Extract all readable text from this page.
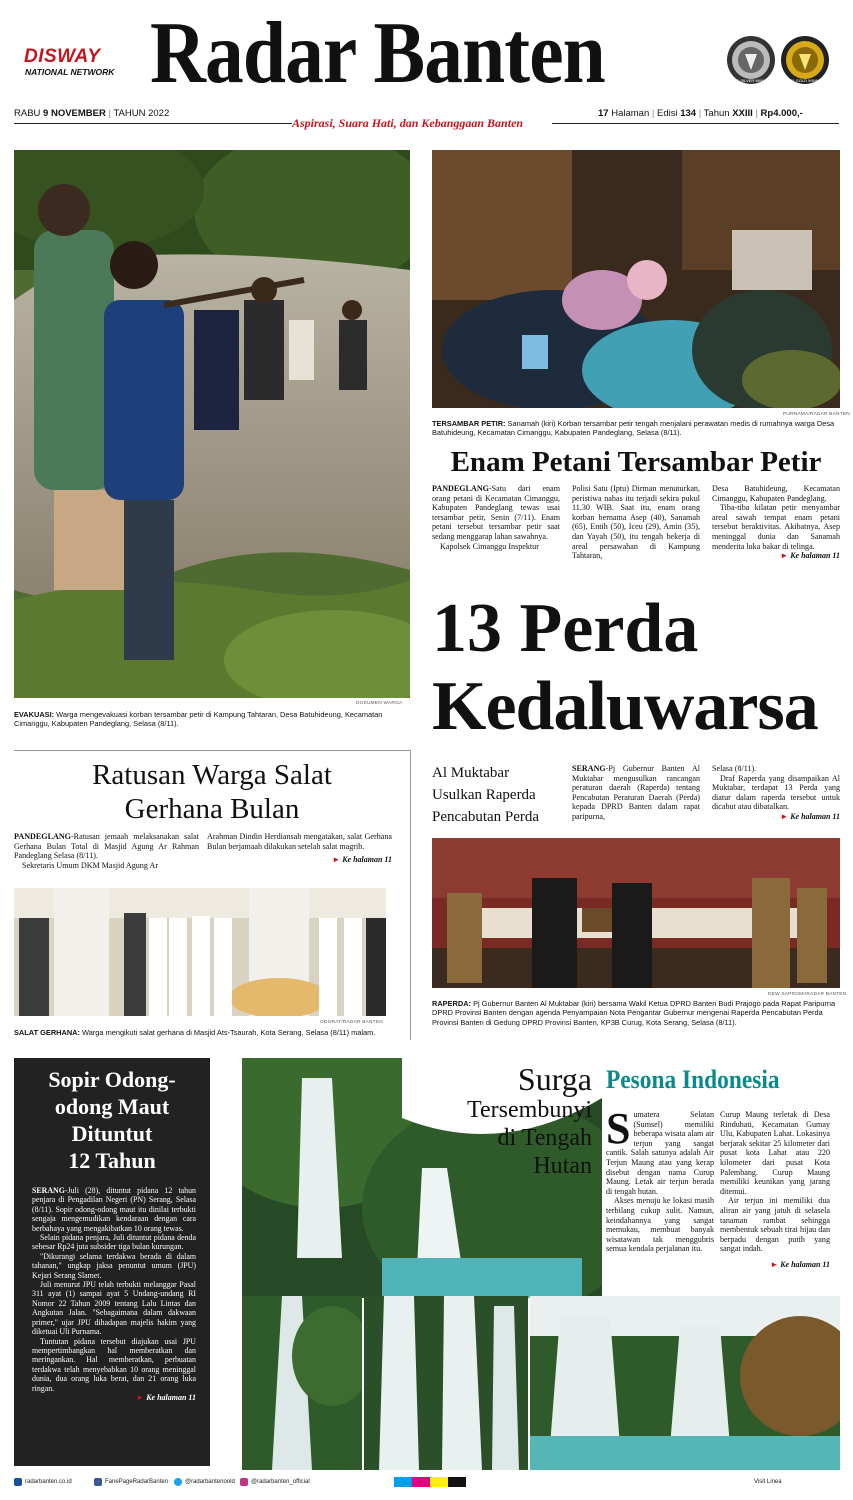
DISWAY
NATIONAL NETWORK Radar Banten	2021 SILVER WINNER	2021 GOLD WINNER
RABU 9 NOVEMBER | TAHUN 2022
Aspirasi, Suara Hati, dan Kebanggaan Banten
17 Halaman | Edisi 134 | Tahun XXIII | Rp4.000,-
DOKUMEN WARGA
EVAKUASI: Warga mengevakuasi korban tersambar petir di Kampung Tahtaran, Desa Batuhideung, Kecamatan Cimanggu, Kabupaten Pandeglang, Selasa (8/11).
PURNAMA/RADAR BANTEN
TERSAMBAR PETIR: Sanamah (kiri) Korban tersambar petir tengah menjalani perawatan medis di rumahnya warga Desa Batuhideung, Kecamatan Cimanggu, Kabupaten Pandeglang, Selasa (8/11).
Enam Petani Tersambar Petir

PANDEGLANG-Satu dari enam orang petani di Kecamatan Cimanggu, Kabupaten Pandeglang tewas usai tersambar petir, Senin (7/11). Enam petani tersebut tersambar petir saat sedang menggarap lahan sawahnya.

Kapolsek Cimanggu Inspektur

Polisi Satu (Iptu) Dirman menuturkan, peristiwa nahas itu terjadi sekira pukul 11.30 WIB. Saat itu, enam orang korban bernama Asep (40), Sanamah (65), Entih (50), Iceu (29), Amin (35), dan Yayah (50), itu tengah bekerja di areal persawahan di Kampung Tahtaran,

Desa Batuhideung, Kecamatan Cimanggu, Kabupaten Pandeglang.

Tiba-tiba kilatan petir menyambar areal sawah tempat enam petani tersebut beraktivitas. Akibatnya, Asep meninggal dunia dan Sanamah menderita luka bakar di telinga.

► Ke halaman 11

13 Perda
Kedaluwarsa
Al Muktabar
Usulkan Raperda
Pencabutan Perda

SERANG-Pj Gubernur Banten Al Muktabar mengusulkan rancangan peraturan daerah (Raperda) tentang Pencabutan Peraturan Daerah (Perda) kepada DPRD Banten dalam rapat paripurna,

Selasa (8/11).

Draf Raperda yang disampaikan Al Muktabar, terdapat 13 Perda yang diatur dalam raperda tersebut untuk dicabut atau dibatalkan.

► Ke halaman 11

DEW SAPROMI/RADAR BANTEN
RAPERDA: Pj Gubernur Banten Al Muktabar (kiri) bersama Wakil Ketua DPRD Banten Budi Prajogo pada Rapat Paripurna DPRD Provinsi Banten dengan agenda Penyampaian Nota Pengantar Gubernur mengenai Raperda Pencabutan Perda Provinsi Banten di Gedung DPRD Provinsi Banten, KP3B Curug, Kota Serang, Selasa (8/11).
Ratusan Warga Salat
Gerhana Bulan

PANDEGLANG-Ratusan jemaah melaksanakan salat Gerhana Bulan Total di Masjid Agung Ar Rahman Pandeglang Selasa (8/11).

Sekretaris Umum DKM Masjid Agung Ar

Arahman Dindin Herdiansah mengatakan, salat Gerhana Bulan berjamaah dilakukan setelah salat magrib.

► Ke halaman 11

ODORAT/RADAR BANTEN
SALAT GERHANA: Warga mengikuti salat gerhana di Masjid Ats-Tsaurah, Kota Serang, Selasa (8/11) malam.
Sopir Odong-
odong Maut
Dituntut
12 Tahun

SERANG-Juli (28), dituntut pidana 12 tahun penjara di Pengadilan Negeri (PN) Serang, Selasa (8/11). Sopir odong-odong maut itu dinilai terbukti sengaja mengemudikan kendaraan dengan cara berbahaya yang mengakibatkan 10 orang tewas.

Selain pidana penjara, Juli dituntut pidana denda sebesar Rp24 juta subsider tiga bulan kurungan.

"Dikurangi selama terdakwa berada di dalam tahanan," ungkap jaksa penuntut umum (JPU) Kejari Serang Slamet.

Juli menurut JPU telah terbukti melanggar Pasal 311 ayat (1) sampai ayat 5 Undang-undang RI Nomor 22 Tahun 2009 tentang Lalu Lintas dan Angkutan Jalan. "Sebagaimana dalam dakwaan primer," ujar JPU dihadapan majelis hakim yang diketuai Uli Purnama.

Tuntutan pidana tersebut diajukan usai JPU mempertimbangkan hal memberatkan dan meringankan. Hal memberatkan, perbuatan terdakwa telah menyebabkan 10 orang meninggal dunia, dua orang luka berat, dan 21 orang luka ringan.

► Ke halaman 11

Pesona Indonesia
Surga
Tersembunyi
di Tengah
Hutan

Sumatera Selatan (Sumsel) memiliki beberapa wisata alam air terjun yang sangat cantik. Salah satunya adalah Air Terjun Maung atau yang kerap disebut dengan nama Curup Maung. Letak air terjun berada di tengah hutan.

Akses menuju ke lokasi masih terbilang cukup sulit. Namun, keindahannya yang sangat memukau, membuat banyak wisatawan tak menggubris semua kendala perjalanan itu.

Curup Maung terletak di Desa Rinduhati, Kecamatan Gumay Ulu, Kabupaten Lahat. Lokasinya berjarak sekitar 25 kilometer dari pusat kota Lahat atau 220 kilometer dari pusat Kota Palembang. Curup Maung memiliki keunikan yang jarang ditemui.

Air terjun ini memiliki dua aliran air yang jatuh di selasela tanaman rambat sehingga membentuk sebuah tirai hijau dan berpadu dengan putih yang sangat indah.

► Ke halaman 11

radarbanten.co.id	FanePageRadarBanten	@radarbantenoold	@radarbanten_official	Visit Linea
